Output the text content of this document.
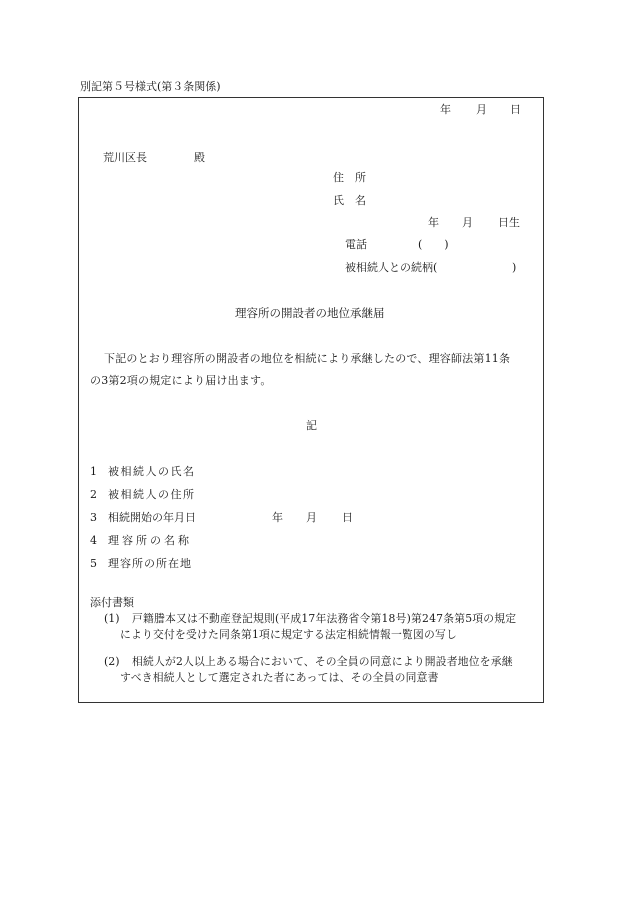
別記第５号様式(第３条関係)
年 月 日
荒川区長	殿
住　所
氏　名
年 月 日生
電話	(　　)
被相続人との続柄(	)
理容所の開設者の地位承継届
下記のとおり理容所の開設者の地位を相続により承継したので、理容師法第11条
の3第2項の規定により届け出ます。
記
1 被相続人の氏名
2 被相続人の住所
3 相続開始の年月日	年 月 日
4 理容所の名称
5 理容所の所在地
添付書類
(1) 戸籍謄本又は不動産登記規則(平成17年法務省令第18号)第247条第5項の規定
により交付を受けた同条第1項に規定する法定相続情報一覧図の写し
(2) 相続人が2人以上ある場合において、その全員の同意により開設者地位を承継
すべき相続人として選定された者にあっては、その全員の同意書
